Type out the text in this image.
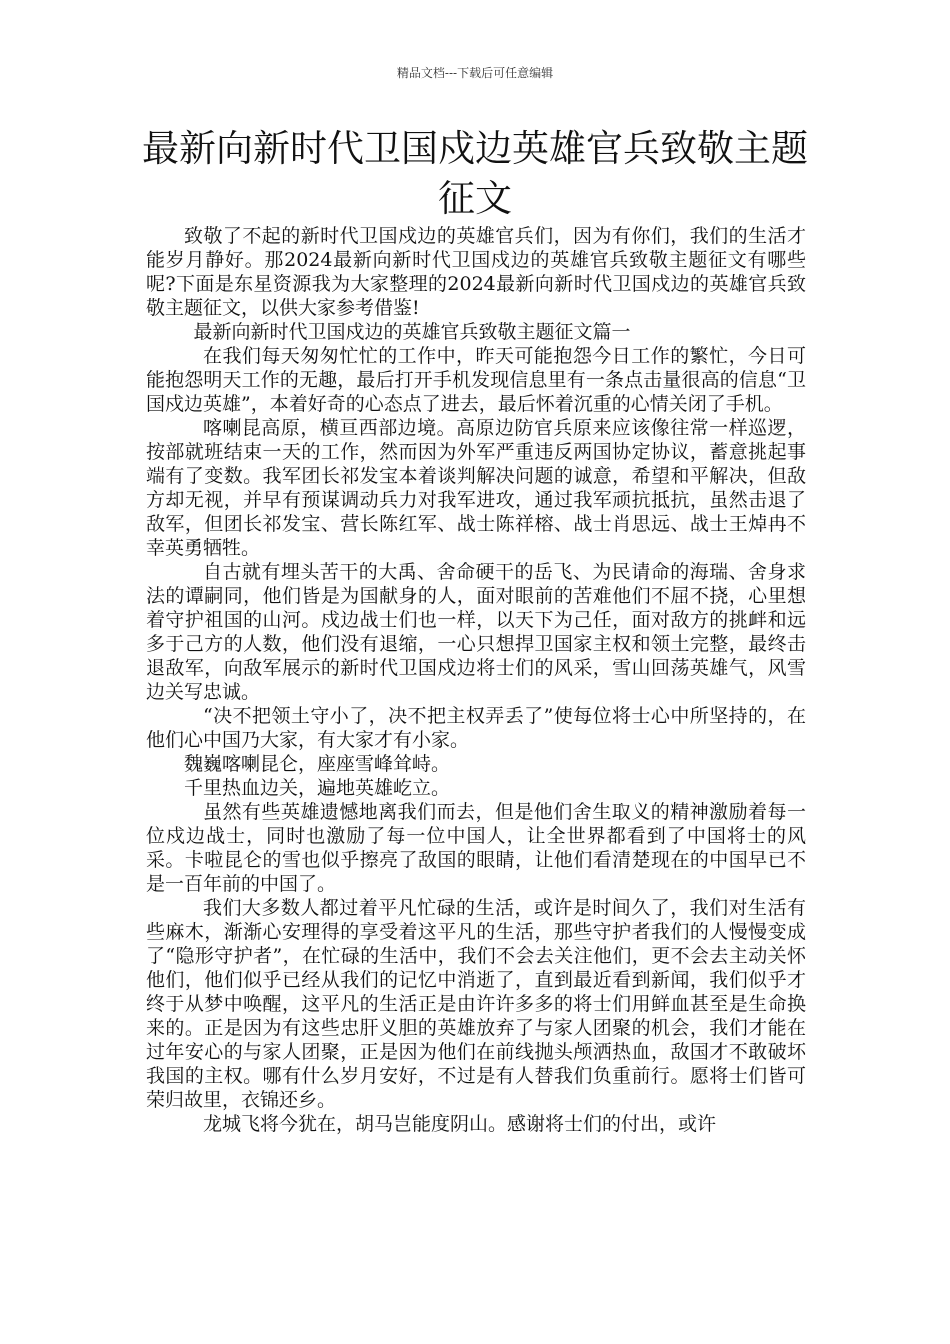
精品文档---下载后可任意编辑
最新向新时代卫国戍边英雄官兵致敬主题征文

致敬了不起的新时代卫国戍边的英雄官兵们，因为有你们，我们的生活才能岁月静好。那2024最新向新时代卫国戍边的英雄官兵致敬主题征文有哪些呢?下面是东星资源我为大家整理的2024最新向新时代卫国戍边的英雄官兵致敬主题征文，以供大家参考借鉴!

最新向新时代卫国戍边的英雄官兵致敬主题征文篇一

在我们每天匆匆忙忙的工作中，昨天可能抱怨今日工作的繁忙，今日可能抱怨明天工作的无趣，最后打开手机发现信息里有一条点击量很高的信息“卫国戍边英雄”，本着好奇的心态点了进去，最后怀着沉重的心情关闭了手机。

喀喇昆高原，横亘西部边境。高原边防官兵原来应该像往常一样巡逻，按部就班结束一天的工作，然而因为外军严重违反两国协定协议，蓄意挑起事端有了变数。我军团长祁发宝本着谈判解决问题的诚意，希望和平解决，但敌方却无视，并早有预谋调动兵力对我军进攻，通过我军顽抗抵抗，虽然击退了敌军，但团长祁发宝、营长陈红军、战士陈祥榕、战士肖思远、战士王焯冉不幸英勇牺牲。

自古就有埋头苦干的大禹、舍命硬干的岳飞、为民请命的海瑞、舍身求法的谭嗣同，他们皆是为国献身的人，面对眼前的苦难他们不屈不挠，心里想着守护祖国的山河。戍边战士们也一样，以天下为己任，面对敌方的挑衅和远多于己方的人数，他们没有退缩，一心只想捍卫国家主权和领土完整，最终击退敌军，向敌军展示的新时代卫国戍边将士们的风采，雪山回荡英雄气，风雪边关写忠诚。

“决不把领土守小了，决不把主权弄丢了”使每位将士心中所坚持的，在他们心中国乃大家，有大家才有小家。

魏巍喀喇昆仑，座座雪峰耸峙。

千里热血边关，遍地英雄屹立。

虽然有些英雄遗憾地离我们而去，但是他们舍生取义的精神激励着每一位戍边战士，同时也激励了每一位中国人，让全世界都看到了中国将士的风采。卡啦昆仑的雪也似乎擦亮了敌国的眼睛，让他们看清楚现在的中国早已不是一百年前的中国了。

我们大多数人都过着平凡忙碌的生活，或许是时间久了，我们对生活有些麻木，渐渐心安理得的享受着这平凡的生活，那些守护者我们的人慢慢变成了“隐形守护者”，在忙碌的生活中，我们不会去关注他们，更不会去主动关怀他们，他们似乎已经从我们的记忆中消逝了，直到最近看到新闻，我们似乎才终于从梦中唤醒，这平凡的生活正是由许许多多的将士们用鲜血甚至是生命换来的。正是因为有这些忠肝义胆的英雄放弃了与家人团聚的机会，我们才能在过年安心的与家人团聚，正是因为他们在前线抛头颅洒热血，敌国才不敢破坏我国的主权。哪有什么岁月安好，不过是有人替我们负重前行。愿将士们皆可荣归故里，衣锦还乡。

龙城飞将今犹在，胡马岂能度阴山。感谢将士们的付出，或许
